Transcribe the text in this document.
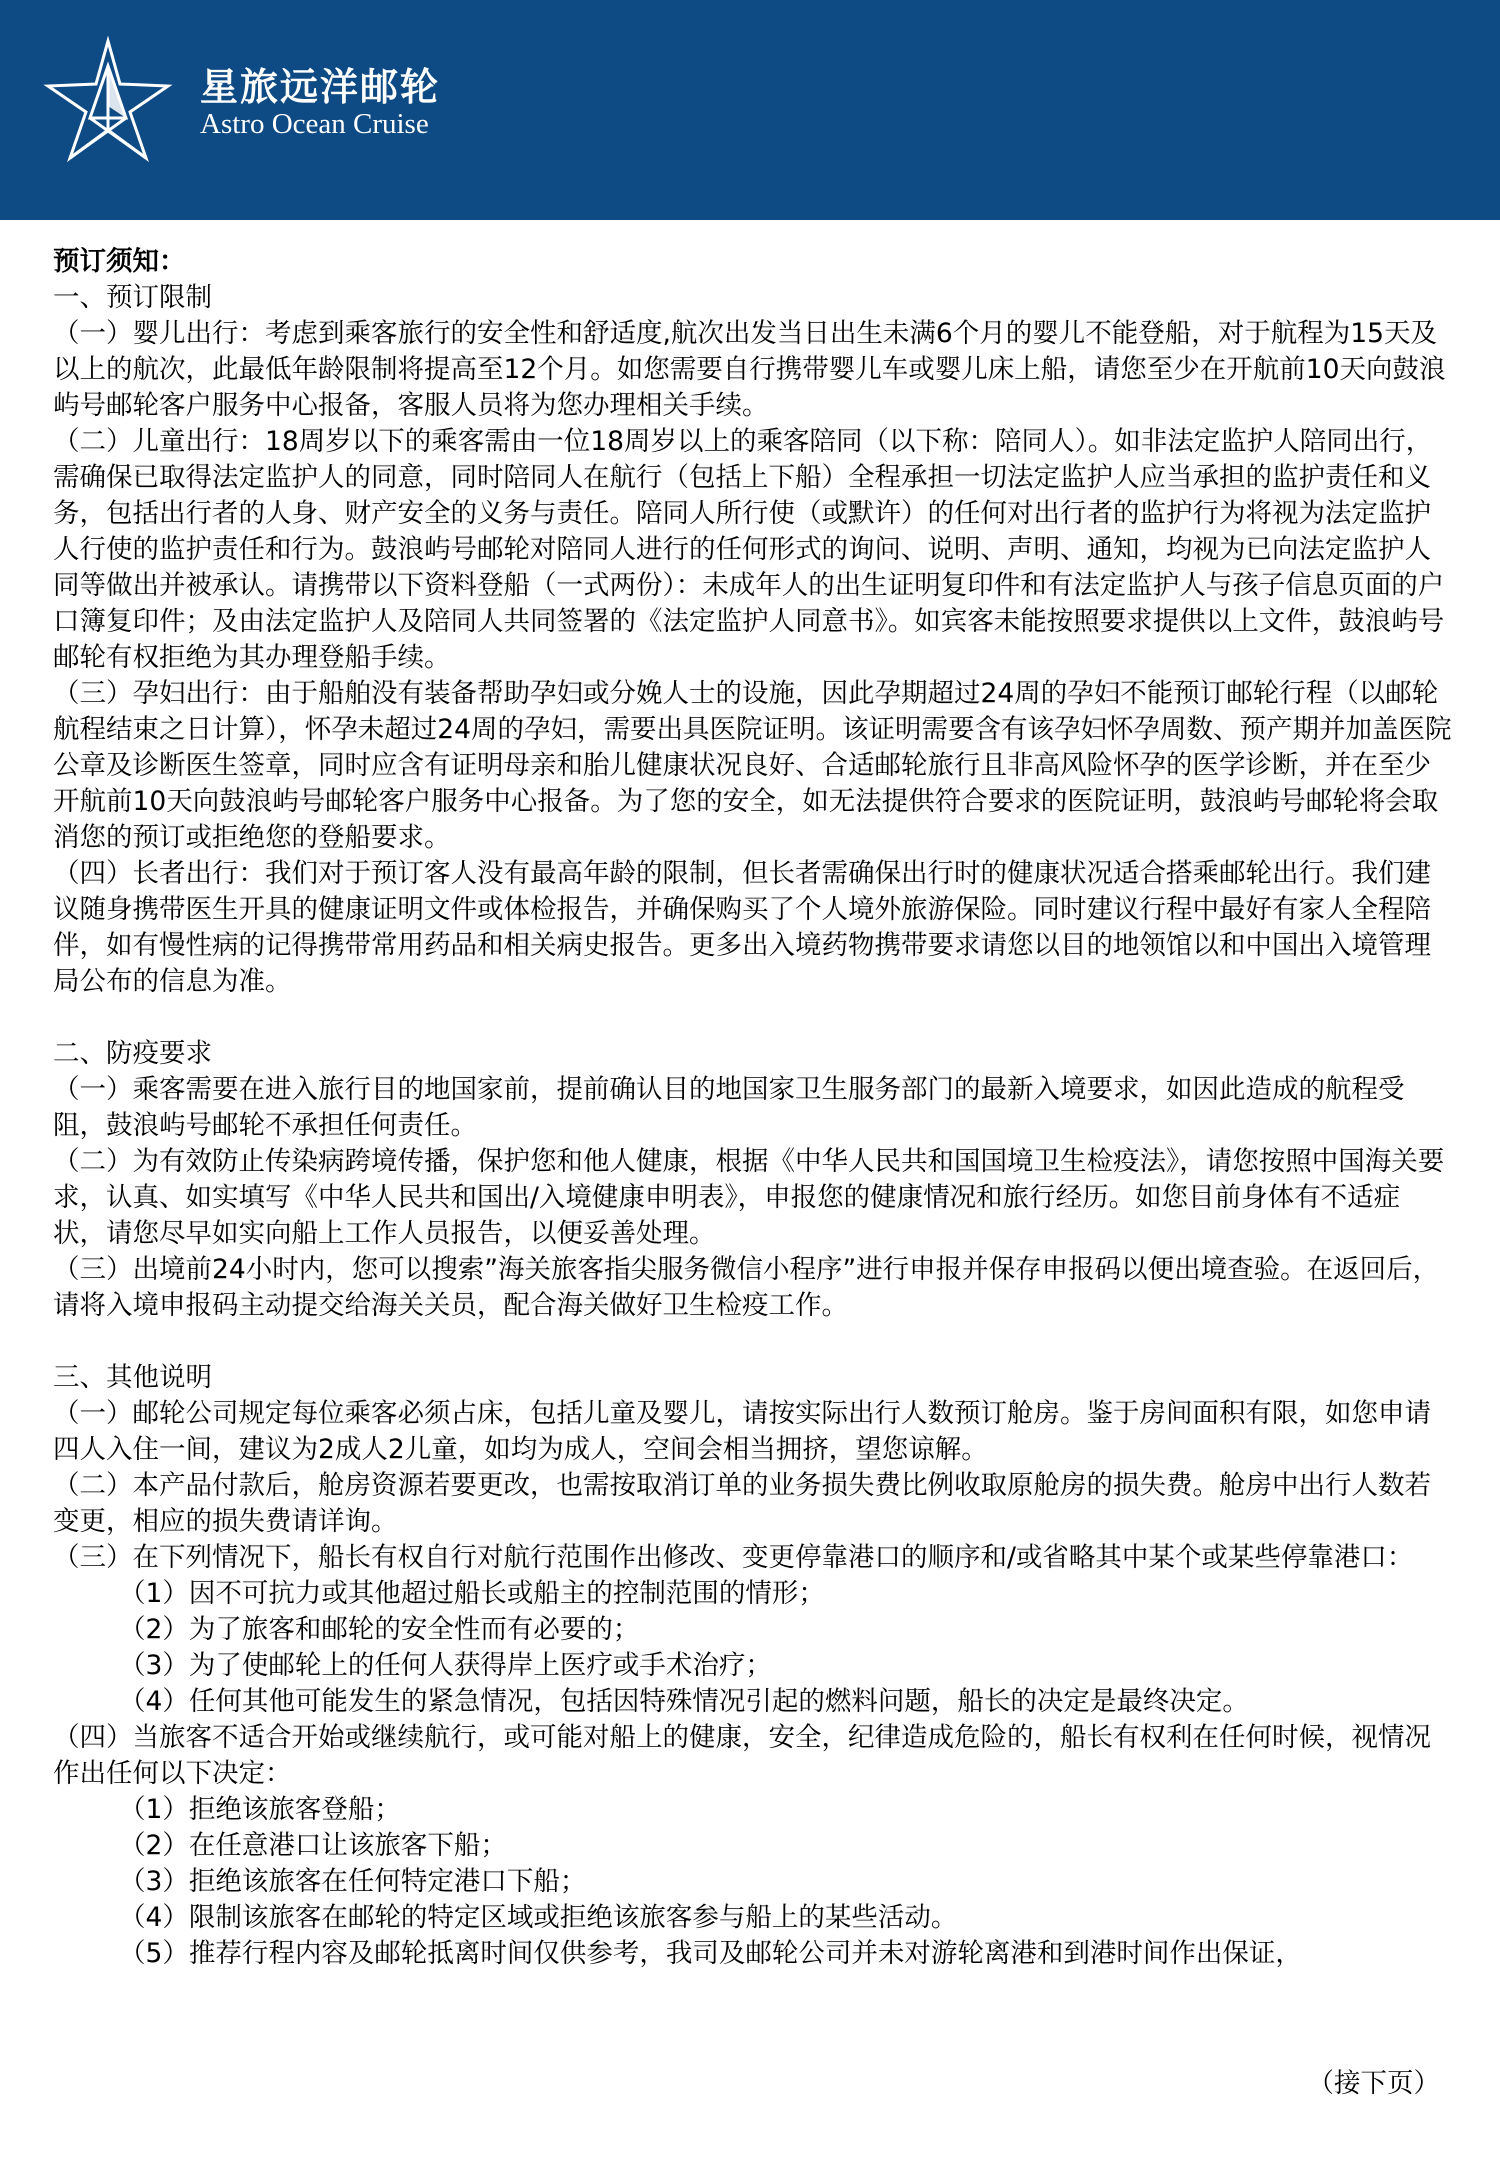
星旅远洋邮轮
Astro Ocean Cruise

预订须知：

一、预订限制

（一）婴儿出行：考虑到乘客旅行的安全性和舒适度,航次出发当日出生未满6个月的婴儿不能登船，对于航程为15天及以上的航次，此最低年龄限制将提高至12个月。如您需要自行携带婴儿车或婴儿床上船，请您至少在开航前10天向鼓浪屿号邮轮客户服务中心报备，客服人员将为您办理相关手续。

（二）儿童出行：18周岁以下的乘客需由一位18周岁以上的乘客陪同（以下称：陪同人）。如非法定监护人陪同出行，需确保已取得法定监护人的同意，同时陪同人在航行（包括上下船）全程承担一切法定监护人应当承担的监护责任和义务，包括出行者的人身、财产安全的义务与责任。陪同人所行使（或默许）的任何对出行者的监护行为将视为法定监护人行使的监护责任和行为。鼓浪屿号邮轮对陪同人进行的任何形式的询问、说明、声明、通知，均视为已向法定监护人同等做出并被承认。请携带以下资料登船（一式两份）：未成年人的出生证明复印件和有法定监护人与孩子信息页面的户口簿复印件；及由法定监护人及陪同人共同签署的《法定监护人同意书》。如宾客未能按照要求提供以上文件，鼓浪屿号邮轮有权拒绝为其办理登船手续。

（三）孕妇出行：由于船舶没有装备帮助孕妇或分娩人士的设施，因此孕期超过24周的孕妇不能预订邮轮行程（以邮轮航程结束之日计算），怀孕未超过24周的孕妇，需要出具医院证明。该证明需要含有该孕妇怀孕周数、预产期并加盖医院公章及诊断医生签章，同时应含有证明母亲和胎儿健康状况良好、合适邮轮旅行且非高风险怀孕的医学诊断，并在至少开航前10天向鼓浪屿号邮轮客户服务中心报备。为了您的安全，如无法提供符合要求的医院证明，鼓浪屿号邮轮将会取消您的预订或拒绝您的登船要求。

（四）长者出行：我们对于预订客人没有最高年龄的限制，但长者需确保出行时的健康状况适合搭乘邮轮出行。我们建议随身携带医生开具的健康证明文件或体检报告，并确保购买了个人境外旅游保险。同时建议行程中最好有家人全程陪伴，如有慢性病的记得携带常用药品和相关病史报告。更多出入境药物携带要求请您以目的地领馆以和中国出入境管理局公布的信息为准。

二、防疫要求

（一）乘客需要在进入旅行目的地国家前，提前确认目的地国家卫生服务部门的最新入境要求，如因此造成的航程受阻，鼓浪屿号邮轮不承担任何责任。

（二）为有效防止传染病跨境传播，保护您和他人健康，根据《中华人民共和国国境卫生检疫法》，请您按照中国海关要求，认真、如实填写《中华人民共和国出/入境健康申明表》，申报您的健康情况和旅行经历。如您目前身体有不适症状，请您尽早如实向船上工作人员报告，以便妥善处理。

（三）出境前24小时内，您可以搜索”海关旅客指尖服务微信小程序”进行申报并保存申报码以便出境查验。在返回后，请将入境申报码主动提交给海关关员，配合海关做好卫生检疫工作。

三、其他说明

（一）邮轮公司规定每位乘客必须占床，包括儿童及婴儿，请按实际出行人数预订舱房。鉴于房间面积有限，如您申请四人入住一间，建议为2成人2儿童，如均为成人，空间会相当拥挤，望您谅解。

（二）本产品付款后，舱房资源若要更改，也需按取消订单的业务损失费比例收取原舱房的损失费。舱房中出行人数若变更，相应的损失费请详询。

（三）在下列情况下，船长有权自行对航行范围作出修改、变更停靠港口的顺序和/或省略其中某个或某些停靠港口：

（1）因不可抗力或其他超过船长或船主的控制范围的情形；

（2）为了旅客和邮轮的安全性而有必要的；

（3）为了使邮轮上的任何人获得岸上医疗或手术治疗；

（4）任何其他可能发生的紧急情况，包括因特殊情况引起的燃料问题，船长的决定是最终决定。

（四）当旅客不适合开始或继续航行，或可能对船上的健康，安全，纪律造成危险的，船长有权利在任何时候，视情况作出任何以下决定：

（1）拒绝该旅客登船；

（2）在任意港口让该旅客下船；

（3）拒绝该旅客在任何特定港口下船；

（4）限制该旅客在邮轮的特定区域或拒绝该旅客参与船上的某些活动。

（5）推荐行程内容及邮轮抵离时间仅供参考，我司及邮轮公司并未对游轮离港和到港时间作出保证，

（接下页）
